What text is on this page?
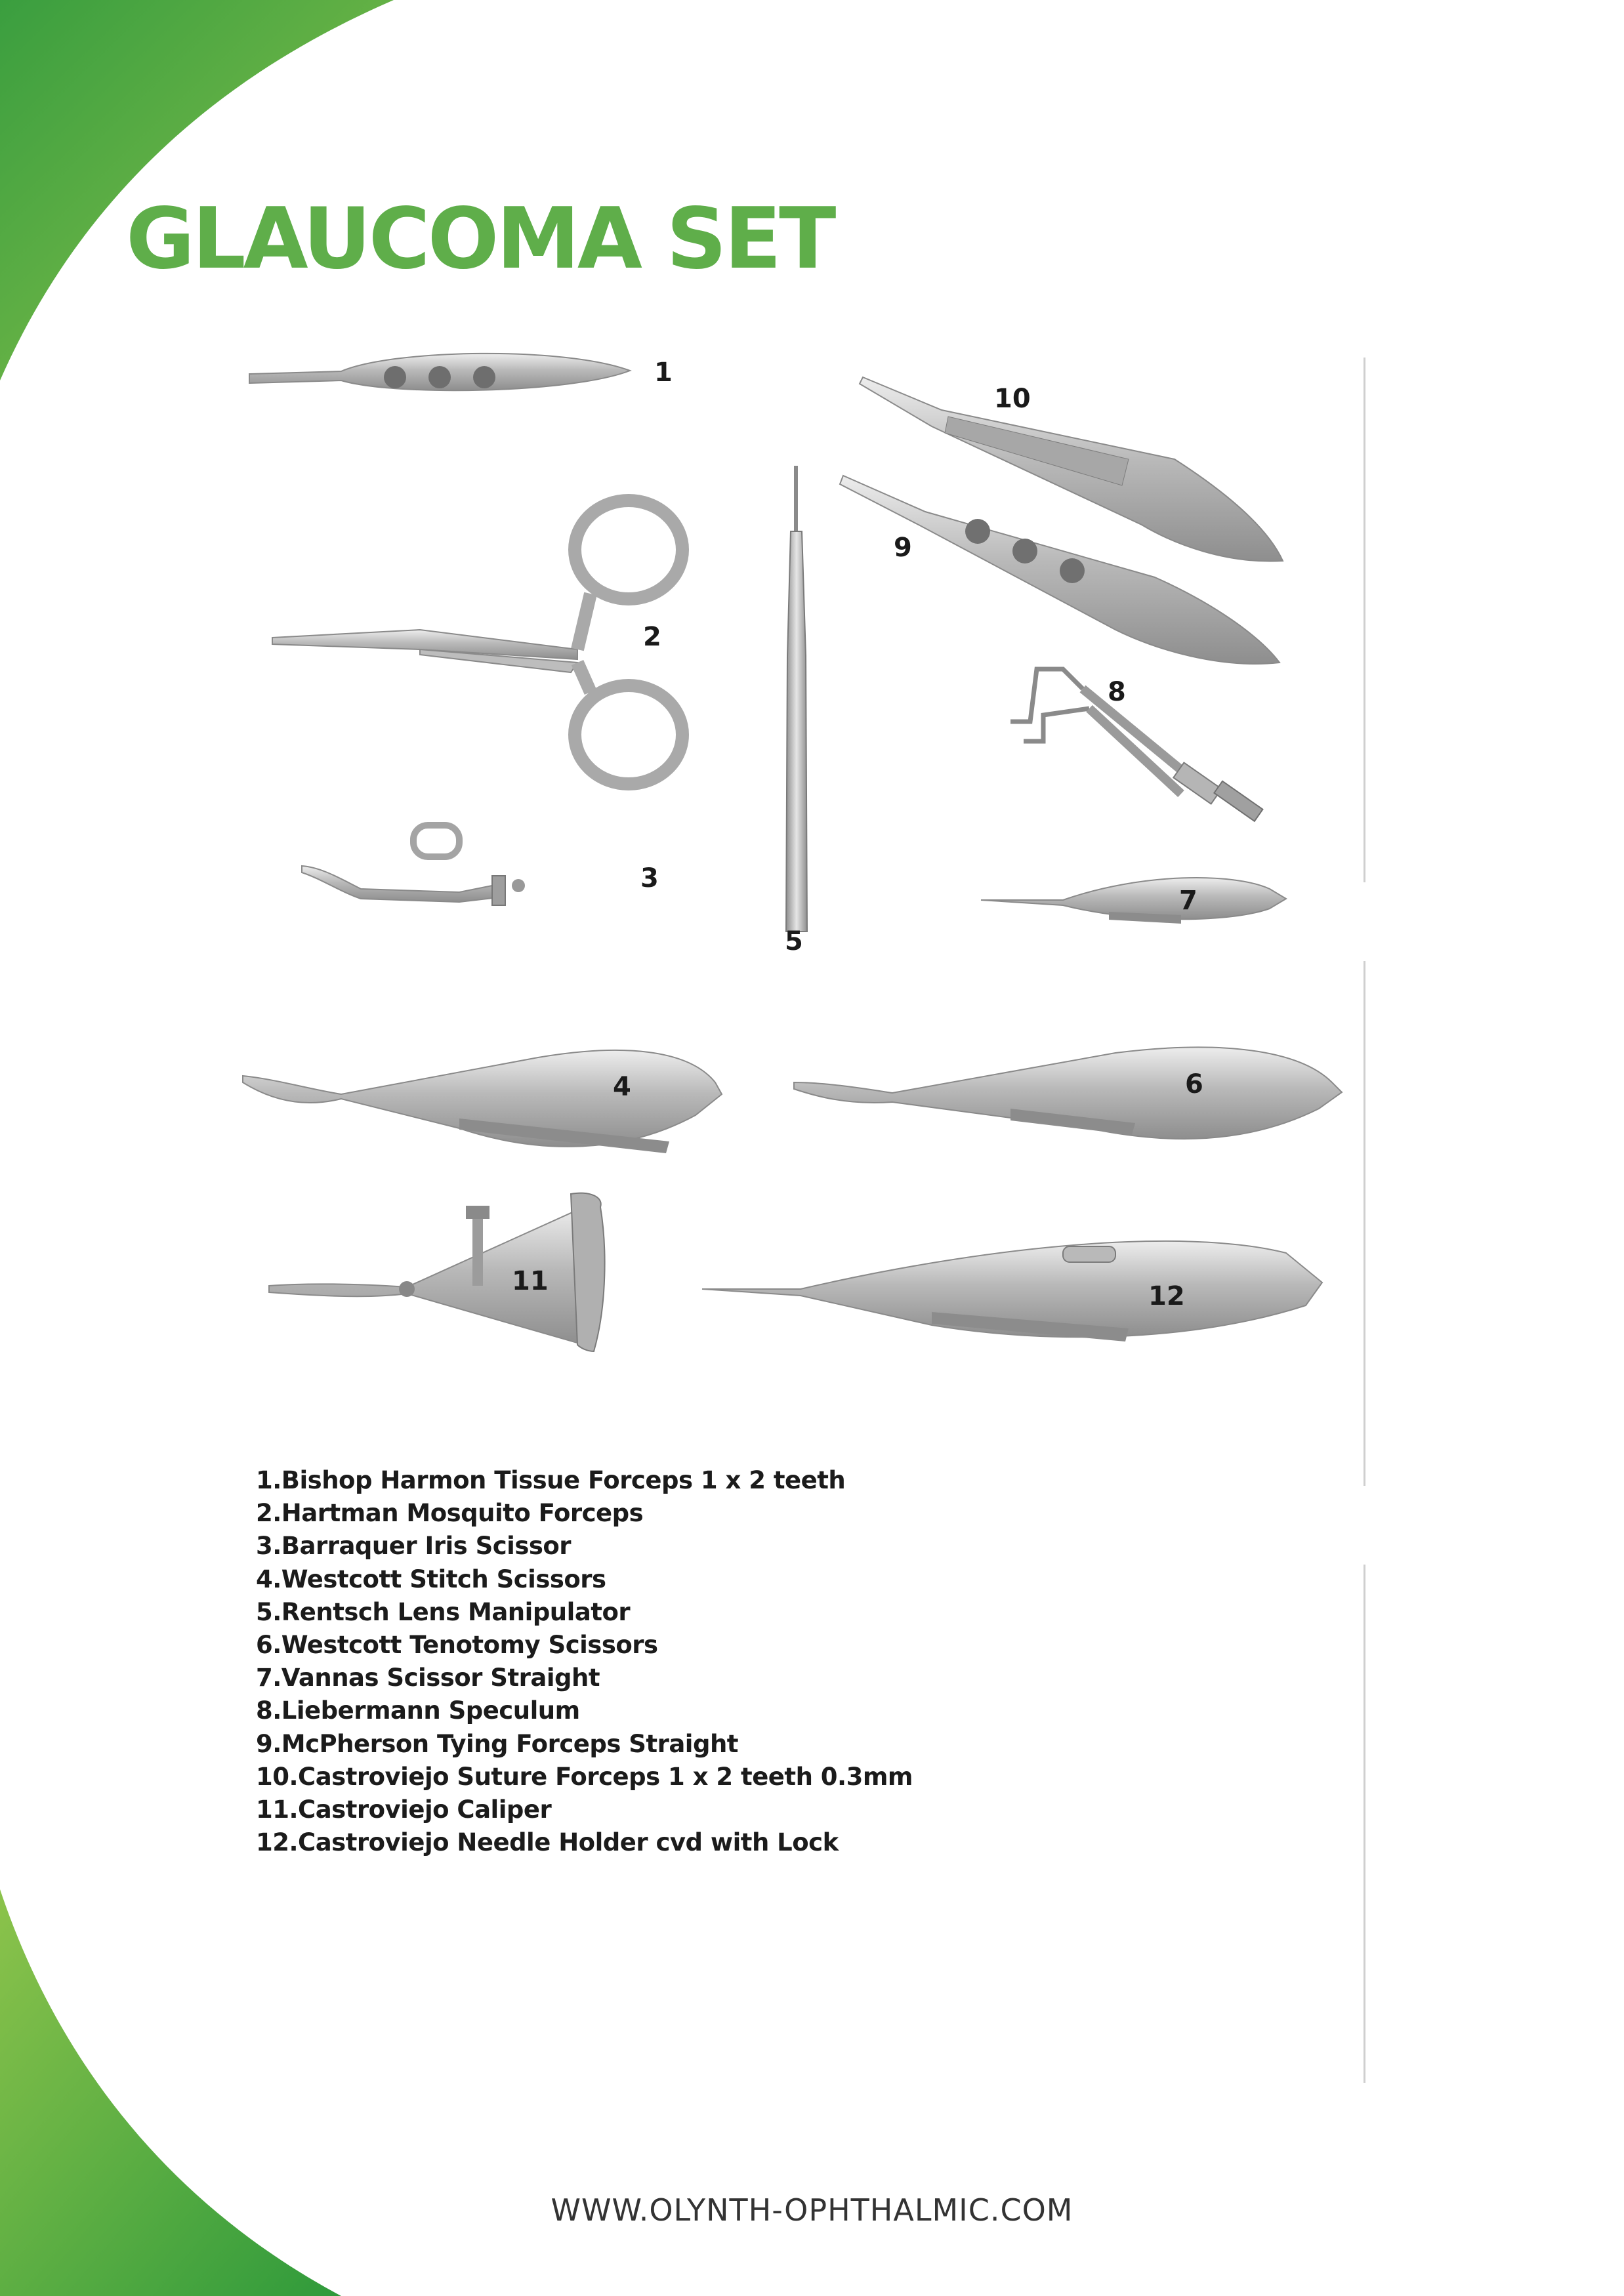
GLAUCOMA SET
1
10
9
2
8
3
7
5
4	6
11	12
1.Bishop Harmon Tissue Forceps 1 x 2 teeth
2.Hartman Mosquito Forceps
3.Barraquer Iris Scissor
4.Westcott Stitch Scissors
5.Rentsch Lens Manipulator
6.Westcott Tenotomy Scissors
7.Vannas Scissor Straight
8.Liebermann Speculum
9.McPherson Tying Forceps Straight
10.Castroviejo Suture Forceps 1 x 2 teeth 0.3mm
11.Castroviejo Caliper
12.Castroviejo Needle Holder cvd with Lock
WWW.OLYNTH-OPHTHALMIC.COM
